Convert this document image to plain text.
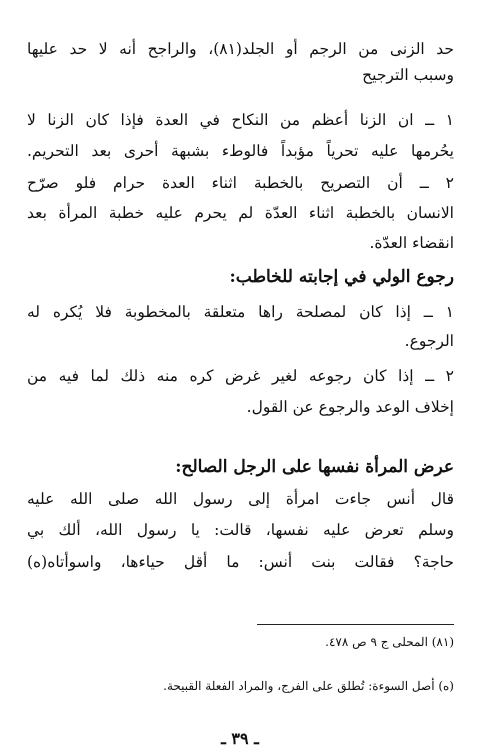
حد الزنى من الرجم أو الجلد(٨١)، والراجح أنه لا حد عليها
وسبب الترجيح
١ ــ ان الزنا أعظم من النكاح في العدة فإذا كان الزنا لا
يحُرمها عليه تحرياً مؤبداً فالوطء بشبهة أحرى بعد التحريم.
٢ ــ أن التصريح بالخطبة اثناء العدة حرام فلو صرّح
الانسان بالخطبة اثناء العدّة لم يحرم عليه خطبة المرأة بعد
انقضاء العدّة.
رجوع الولي في إجابته للخاطب:
١ ــ إذا كان لمصلحة راها متعلقة بالمخطوبة فلا يُكره له
الرجوع.
٢ ــ إذا كان رجوعه لغير غرض كره منه ذلك لما فيه من
إخلاف الوعد والرجوع عن القول.
عرض المرأة نفسها على الرجل الصالح:
قال أنس جاءت امرأة إلى رسول الله صلى الله عليه
وسلم تعرض عليه نفسها، قالت: يا رسول الله، ألك بي
حاجة؟ فقالت بنت أنس: ما أقل حياءها، واسوأتاه(ه)
(٨١) المحلى ج ٩ ص ٤٧٨.
(ه) أصل السوءة: تُطلق على الفرج، والمراد الفعلة القبيحة.
ـ ٣٩ ـ
